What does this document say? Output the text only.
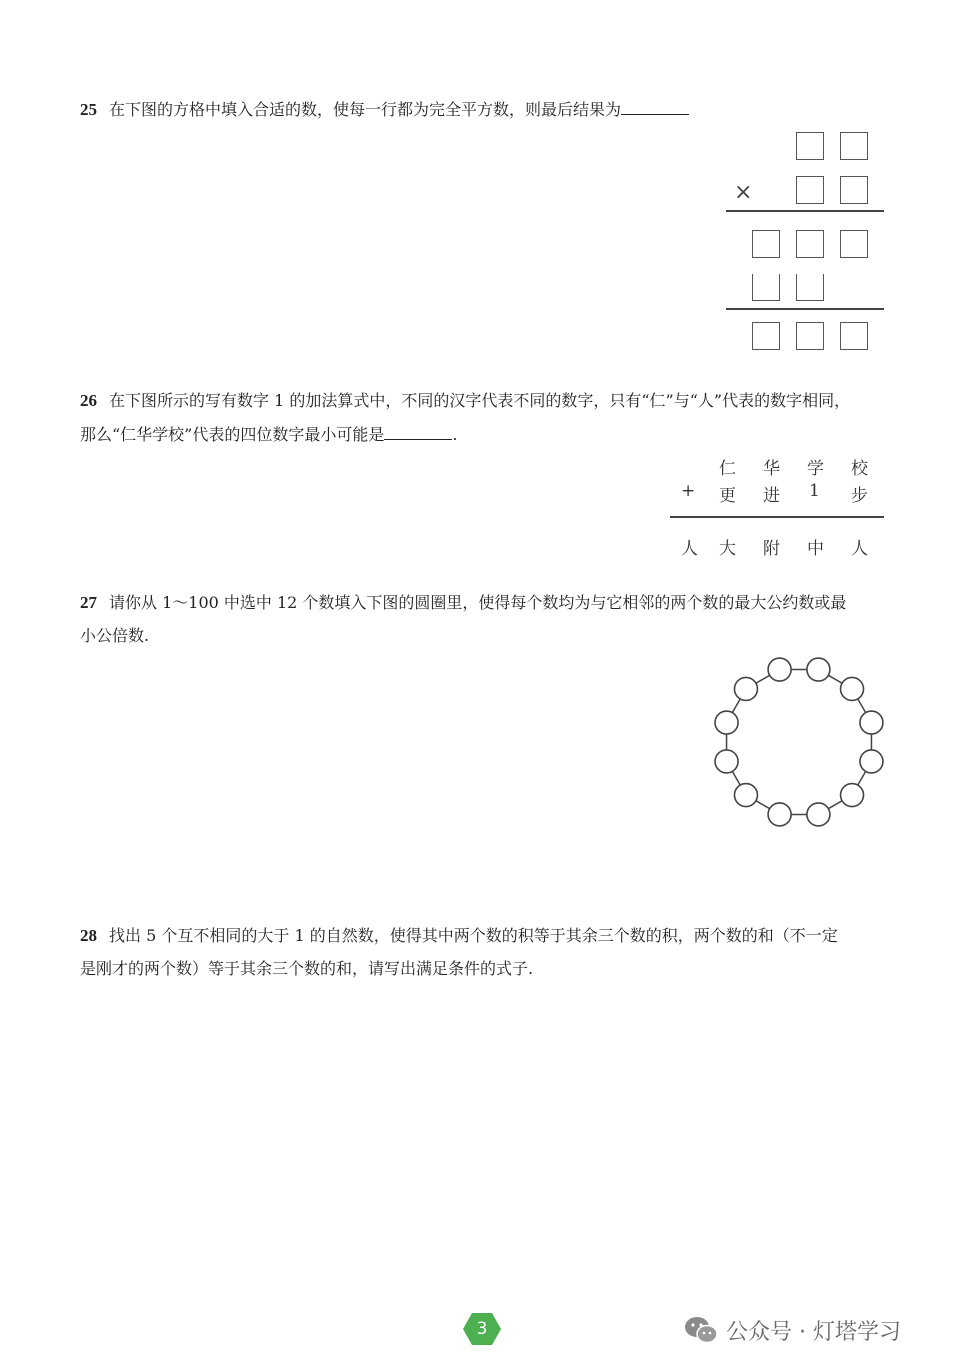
25 在下图的方格中填入合适的数，使每一行都为完全平方数，则最后结果为
×
26 在下图所示的写有数字 1 的加法算式中，不同的汉字代表不同的数字，只有“仁”与“人”代表的数字相同，
那么“仁华学校”代表的四位数字最小可能是	.
仁 华 学 校
+ 更 进 1 步
人 大 附 中 人
27 请你从 1～100 中选中 12 个数填入下图的圆圈里，使得每个数均为与它相邻的两个数的最大公约数或最
小公倍数.
28 找出 5 个互不相同的大于 1 的自然数，使得其中两个数的积等于其余三个数的积，两个数的和（不一定
是刚才的两个数）等于其余三个数的和，请写出满足条件的式子.
3	公众号 · 灯塔学习
